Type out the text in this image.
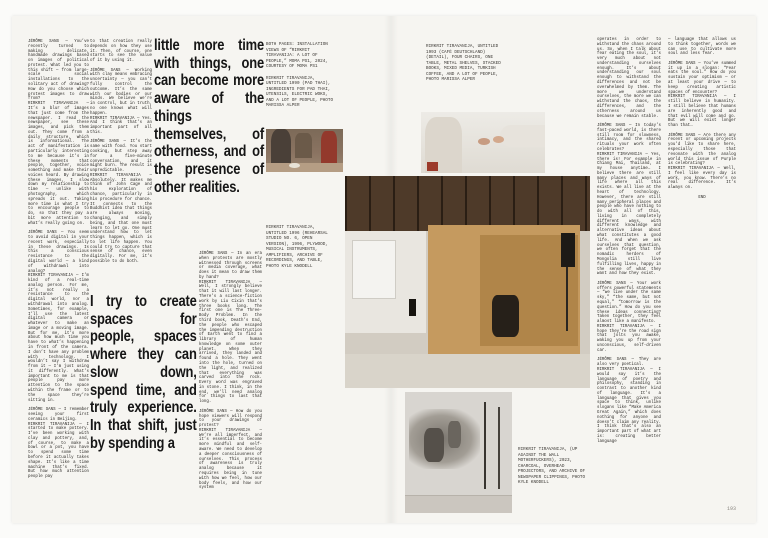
JÉRÔME SANS — You’ve recently turned to making delicate, handmade drawings based on images of political protest. What led you to this shift — from large-scale social installations to the solitary act of drawing? How do you choose which protest images to draw from?

RIRKRIT TIRAVANIJA — It’s a blur of images that just come from the newspaper. I read the newspaper, see these images, and pick them out. They come from a daily structure, which is informational. The act of manifestation is particularly interesting to me because it’s in these moments that people, together, voice something and make their voices heard. By drawing these images, I slow down my relationship to time — unlike with photography, which spreads it out. Taking more time is what I try to encourage people to do, so that they pay a bit more attention to what’s really going on.

JÉRÔME SANS — You seem to avoid digital in your recent work, especially in these drawings. Is this a conscious resistance to the digital world — a kind of withdrawal into analog?

RIRKRIT TIRAVANIJA — I’m kind of a real-time analog person. For me, it’s not really a resistance to the digital world, nor a withdrawal into analog. Sometimes, for example, I’ll use the latest digital camera or whatever to make an image or a moving image. But for me, it’s more about how much time you have to what’s happening in front of the camera. I don’t have any problem with technology. I wouldn’t say I withdraw from it — I’m just using it differently. What’s important to me is that people pay more attention to the space within the frame or to the space they’re sitting in.

JÉRÔME SANS — I remember seeing your first ceramics in Beijing.

RIRKRIT TIRAVANIJA — I started to make pottery. I’ve been working with clay and pottery, and, of course, to make a bowl or a pot, you have to spend some time before it actually takes shape. It’s like a time machine that’s fixed. But how much attention people pay

to that creation really depends on how they use it. Then, of course, one starts to see the value of it by using it.

JÉRÔME SANS — Working with clay means embracing uncertainty — you can’t fully control the outcome. It’s the same with our bodies or our minds. We believe we’re in control, but in truth, no one knows what will happen.

RIRKRIT TIRAVANIJA — Yes. And I think that’s an important part of all this.

JÉRÔME SANS — It’s the same with food. You start cooking, but step away for a five-minute conversation, and it might burn. The result is unpredictable.

RIRKRIT TIRAVANIJA — Absolutely. It makes me think of John Cage and his exploration of chance, particularly in his procedure for chance. It connects to the Buddhist idea that things are always moving, changing, and simply being, and that one must learn to let go. One must understand how to let things happen, which is to let life happen. You could try to capture that sense of chance, even digitally. For me, it’s possible to do both.

JÉRÔME SANS — In an era when protests are mostly witnessed through screens or media coverage, what does it mean to draw them by hand?

RIRKRIT TIRAVANIJA — Well, I strongly believe that it will last longer. There’s a science-fiction work by Liu Cixin that’s three books long. The first one is The Three-Body Problem. In the third book, Death’s End, the people who escaped the impending destruction of Earth went to find a library of human knowledge on some outer planet. When they arrived, they landed and found a hole. They went into the hole, turned on the light, and realized that everything was carved into the rock. Every word was engraved in stone. I think, in the end, we’ll need analog for things to last that long.

JÉRÔME SANS — How do you hope viewers will respond to your drawings of protest?

RIRKRIT TIRAVANIJA — We’re all imperfect, and it’s essential to become more mindful and self-aware. We need to develop a deeper consciousness of ourselves. This process of awareness is truly analog because it requires being in tune with how we feel, how our body feels, and how our system

little more time with things, one can become more aware of the things themselves, of otherness, and of the presence of other realities.
I try to create spaces for people, spaces where they can slow down, spend time, and truly experience. In that shift, just by spending a

BOTH PAGES: INSTALLATION VIEWS OF “RIRKRIT TIRAVANIJA: A LOT OF PEOPLE,” MOMA PS1, 2024, COURTESY OF MOMA PS1

RIRKRIT TIRAVANIJA, UNTITLED 1990 (PAD THAI), INGREDIENTS FOR PAD THAI, UTENSILS, ELECTRIC WOKS, AND A LOT OF PEOPLE, PHOTO MARISSA ALPER

RIRKRIT TIRAVANIJA, UNTITLED 1996 (REHEARSAL STUDIO NO. 6, OPEN VERSION), 1996, PLYWOOD, MUSICAL INSTRUMENTS, AMPLIFIERS, ARCHIVE OF RECORDINGS, AND TABLE, PHOTO KYLE KNODELL
RIRKRIT TIRAVANIJA, UNTITLED 1993 (CAFÉ DEUTSCHLAND) (DETAIL), FOUR CHAIRS, ONE TABLE, METAL SHELVES, STACKED BOOKS, MIXED MEDIA, TURKISH COFFEE, AND A LOT OF PEOPLE, PHOTO MARISSA ALPER
RIRKRIT TIRAVANIJA, (UP AGAINST THE WALL MOTHERFUCKERS), 2023, CHARCOAL, OVERHEAD PROJECTORS, AND ARCHIVE OF NEWSPAPER CLIPPINGS, PHOTO KYLE KNODELL

operates in order to withstand the chaos around us. So, when I talk about fear eating the soul, it’s very much about not understanding ourselves enough. It’s about understanding our soul enough to withstand the differences and not be overwhelmed by them. The more we understand ourselves, the more we can withstand the chaos, the differences, and the otherness around us because we remain stable.

JÉRÔME SANS — In today’s fast-paced world, is there still room for slowness, intimacy, and the shared rituals your work often celebrates?

RIRKRIT TIRAVANIJA — Yes, there is! For example in Chiang Mai, Thailand, at my house anytime… I believe there are still many places and ways of life where all this exists. We all live at the heart of technology. However, there are still many peripheral places and people who have nothing to do with all of this, living in completely different ways, with different knowledge and alternative ideas about what constitutes a good life. And when we ask ourselves that question, we often forget that the nomadic herders of Mongolia still live fulfilling lives, happy in the sense of what they want and how they exist.

JÉRÔME SANS — Your work offers powerful statements — “we live under the same sky,” “the same, but not equal,” “tomorrow is the question.” How do you see these ideas connecting? Taken together, they feel almost like a manifesto.

RIRKRIT TIRAVANIJA — I hope they’re the road sign that jolts you awake, waking you up from your unconscious, self-driven car.

JÉRÔME SANS — They are also very poetical.

RIRKRIT TIRAVANIJA — I would say it’s the language of poetry and philosophy, standing in contrast to another kind of language. It’s a language that gives you space to think, unlike slogans like “Make America Great Again,” which does nothing for anyone and doesn’t claim any reality. I think that’s also an important part of what art is: creating better language

— language that allows us to think together, words we can use to cultivate more soul and less fear.

JÉRÔME SANS — You’ve summed it up in a slogan: “Fear eats the soul.” How do you sustain your optimism — or at least your drive — to keep creating artistic spaces of encounter?

RIRKRIT TIRAVANIJA — I still believe in humanity. I still believe that humans are inherently good and that evil will come and go. But we will exist longer than that…

JÉRÔME SANS — Are there any recent or upcoming projects you’d like to share here, especially those that resonate with the analog world this issue of Purple is celebrating?

RIRKRIT TIRAVANIJA — Well, I feel like every day is work, you know. There’s no real difference. It’s always on.

END

193
